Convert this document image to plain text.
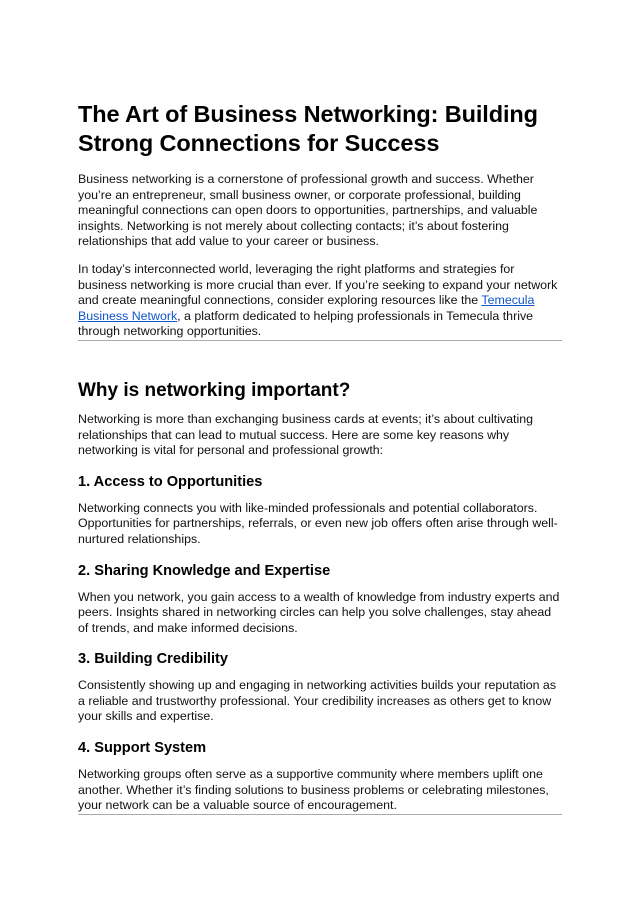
The Art of Business Networking: Building Strong Connections for Success

Business networking is a cornerstone of professional growth and success. Whether you’re an entrepreneur, small business owner, or corporate professional, building meaningful connections can open doors to opportunities, partnerships, and valuable insights. Networking is not merely about collecting contacts; it’s about fostering relationships that add value to your career or business.

In today’s interconnected world, leveraging the right platforms and strategies for business networking is more crucial than ever. If you’re seeking to expand your network and create meaningful connections, consider exploring resources like the Temecula Business Network, a platform dedicated to helping professionals in Temecula thrive through networking opportunities.

Why is networking important?

Networking is more than exchanging business cards at events; it’s about cultivating relationships that can lead to mutual success. Here are some key reasons why networking is vital for personal and professional growth:

1. Access to Opportunities

Networking connects you with like-minded professionals and potential collaborators. Opportunities for partnerships, referrals, or even new job offers often arise through well-nurtured relationships.

2. Sharing Knowledge and Expertise

When you network, you gain access to a wealth of knowledge from industry experts and peers. Insights shared in networking circles can help you solve challenges, stay ahead of trends, and make informed decisions.

3. Building Credibility

Consistently showing up and engaging in networking activities builds your reputation as a reliable and trustworthy professional. Your credibility increases as others get to know your skills and expertise.

4. Support System

Networking groups often serve as a supportive community where members uplift one another. Whether it’s finding solutions to business problems or celebrating milestones, your network can be a valuable source of encouragement.
